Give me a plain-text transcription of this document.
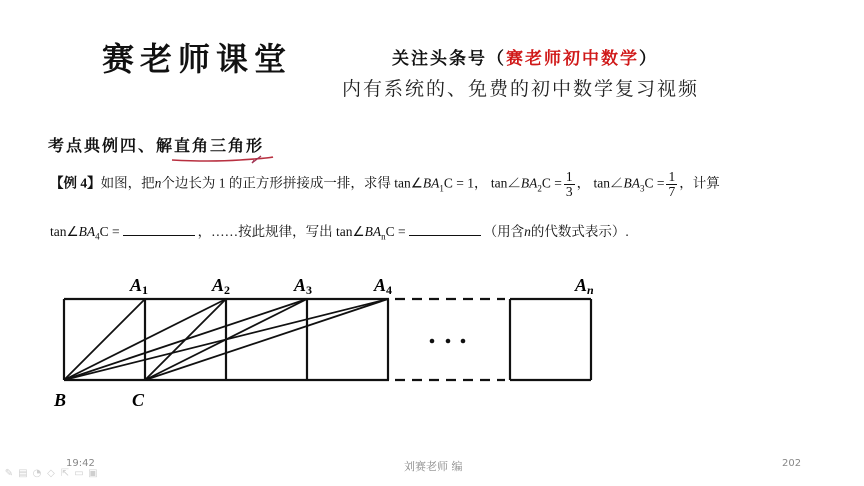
赛老师课堂	关注头条号（赛老师初中数学）
内有系统的、免费的初中数学复习视频
考点典例四、解直角三角形
【例 4】如图，把n个边长为 1 的正方形拼接成一排，求得 $\tan\angle BA_1C = 1$， $\tan\angle BA_2C = \frac{1}{3}$ ， $\tan\angle BA_3C = \frac{1}{7}$ ，计算
$\tan\angle BA_4C$ =	，……按此规律，写出 $\tan\angle BA_nC$ =	（用含n的代数式表示）.
A1	A2	A3	A4	An
B	C
19:42	刘赛老师 编	202
✎ ▤ ◔ ◇ ⇱ ▭ ▣
